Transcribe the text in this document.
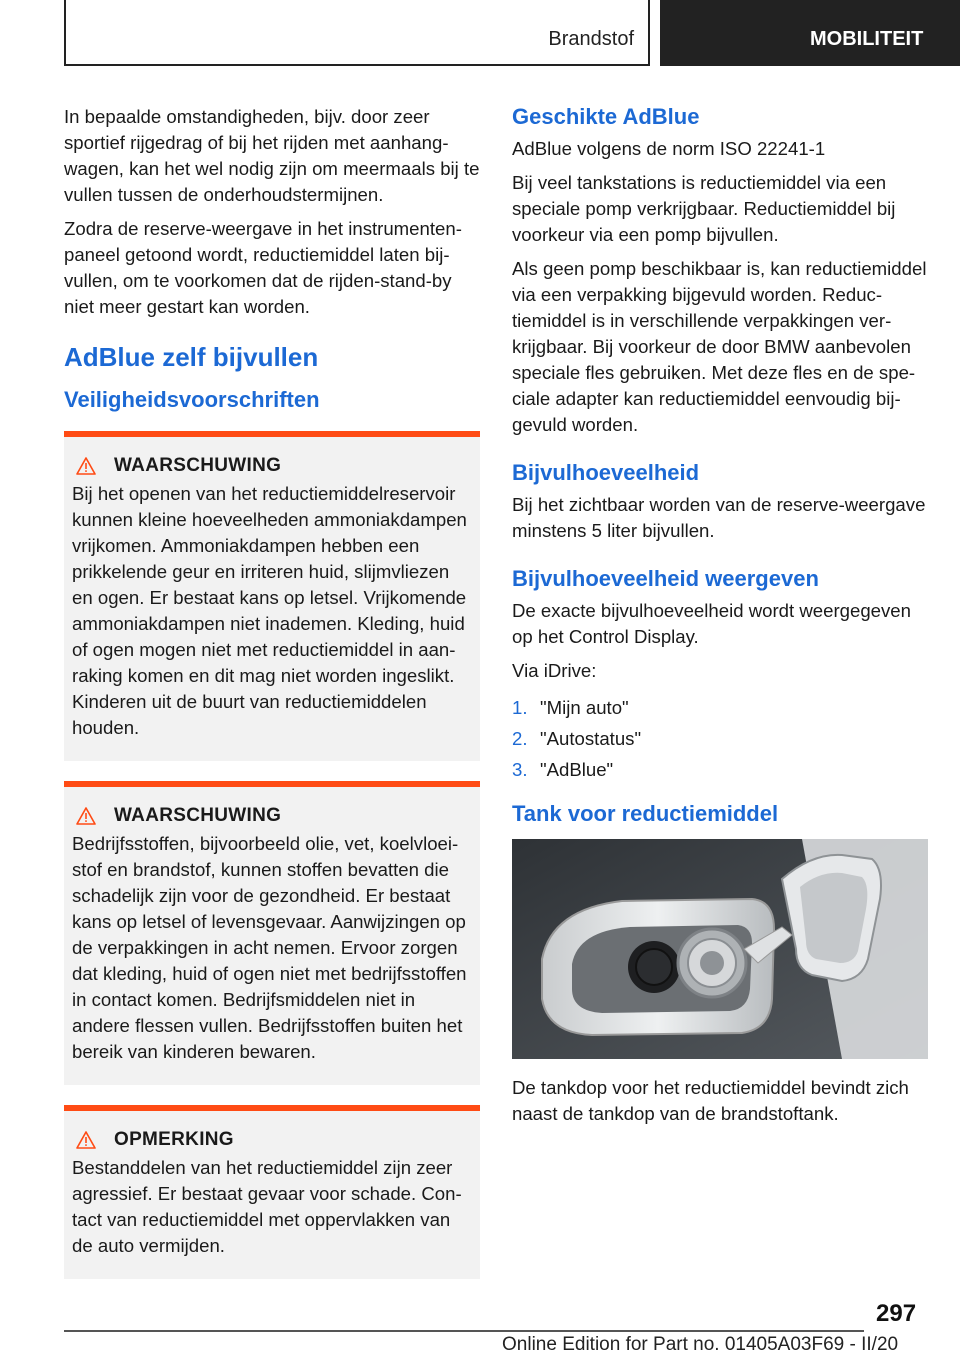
Brandstof	MOBILITEIT

In bepaalde omstandigheden, bijv. door zeer sportief rijgedrag of bij het rijden met aanhangwagen, kan het wel nodig zijn om meermaals bij te vullen tussen de onderhoudstermijnen.

Zodra de reserve-weergave in het instrumentenpaneel getoond wordt, reductiemiddel laten bijvullen, om te voorkomen dat de rijden-stand-by niet meer gestart kan worden.

AdBlue zelf bijvullen
Veiligheidsvoorschriften
WAARSCHUWING

Bij het openen van het reductiemiddelreservoir kunnen kleine hoeveelheden ammoniakdampen vrijkomen. Ammoniakdampen hebben een prikkelende geur en irriteren huid, slijmvliezen en ogen. Er bestaat kans op letsel. Vrijkomende ammoniakdampen niet inademen. Kleding, huid of ogen mogen niet met reductiemiddel in aanraking komen en dit mag niet worden ingeslikt. Kinderen uit de buurt van reductiemiddelen houden.

WAARSCHUWING

Bedrijfsstoffen, bijvoorbeeld olie, vet, koelvloeistof en brandstof, kunnen stoffen bevatten die schadelijk zijn voor de gezondheid. Er bestaat kans op letsel of levensgevaar. Aanwijzingen op de verpakkingen in acht nemen. Ervoor zorgen dat kleding, huid of ogen niet met bedrijfsstoffen in contact komen. Bedrijfsmiddelen niet in andere flessen vullen. Bedrijfsstoffen buiten het bereik van kinderen bewaren.

OPMERKING

Bestanddelen van het reductiemiddel zijn zeer agressief. Er bestaat gevaar voor schade. Contact van reductiemiddel met oppervlakken van de auto vermijden.

Geschikte AdBlue

AdBlue volgens de norm ISO 22241-1

Bij veel tankstations is reductiemiddel via een speciale pomp verkrijgbaar. Reductiemiddel bij voorkeur via een pomp bijvullen.

Als geen pomp beschikbaar is, kan reductiemiddel via een verpakking bijgevuld worden. Reductiemiddel is in verschillende verpakkingen verkrijgbaar. Bij voorkeur de door BMW aanbevolen speciale fles gebruiken. Met deze fles en de speciale adapter kan reductiemiddel eenvoudig bijgevuld worden.

Bijvulhoeveelheid

Bij het zichtbaar worden van de reserve-weergave minstens 5 liter bijvullen.

Bijvulhoeveelheid weergeven

De exacte bijvulhoeveelheid wordt weergegeven op het Control Display.

Via iDrive:

1. "Mijn auto"
2. "Autostatus"
3. "AdBlue"
Tank voor reductiemiddel

De tankdop voor het reductiemiddel bevindt zich naast de tankdop van de brandstoftank.

297
Online Edition for Part no. 01405A03F69 - II/20
